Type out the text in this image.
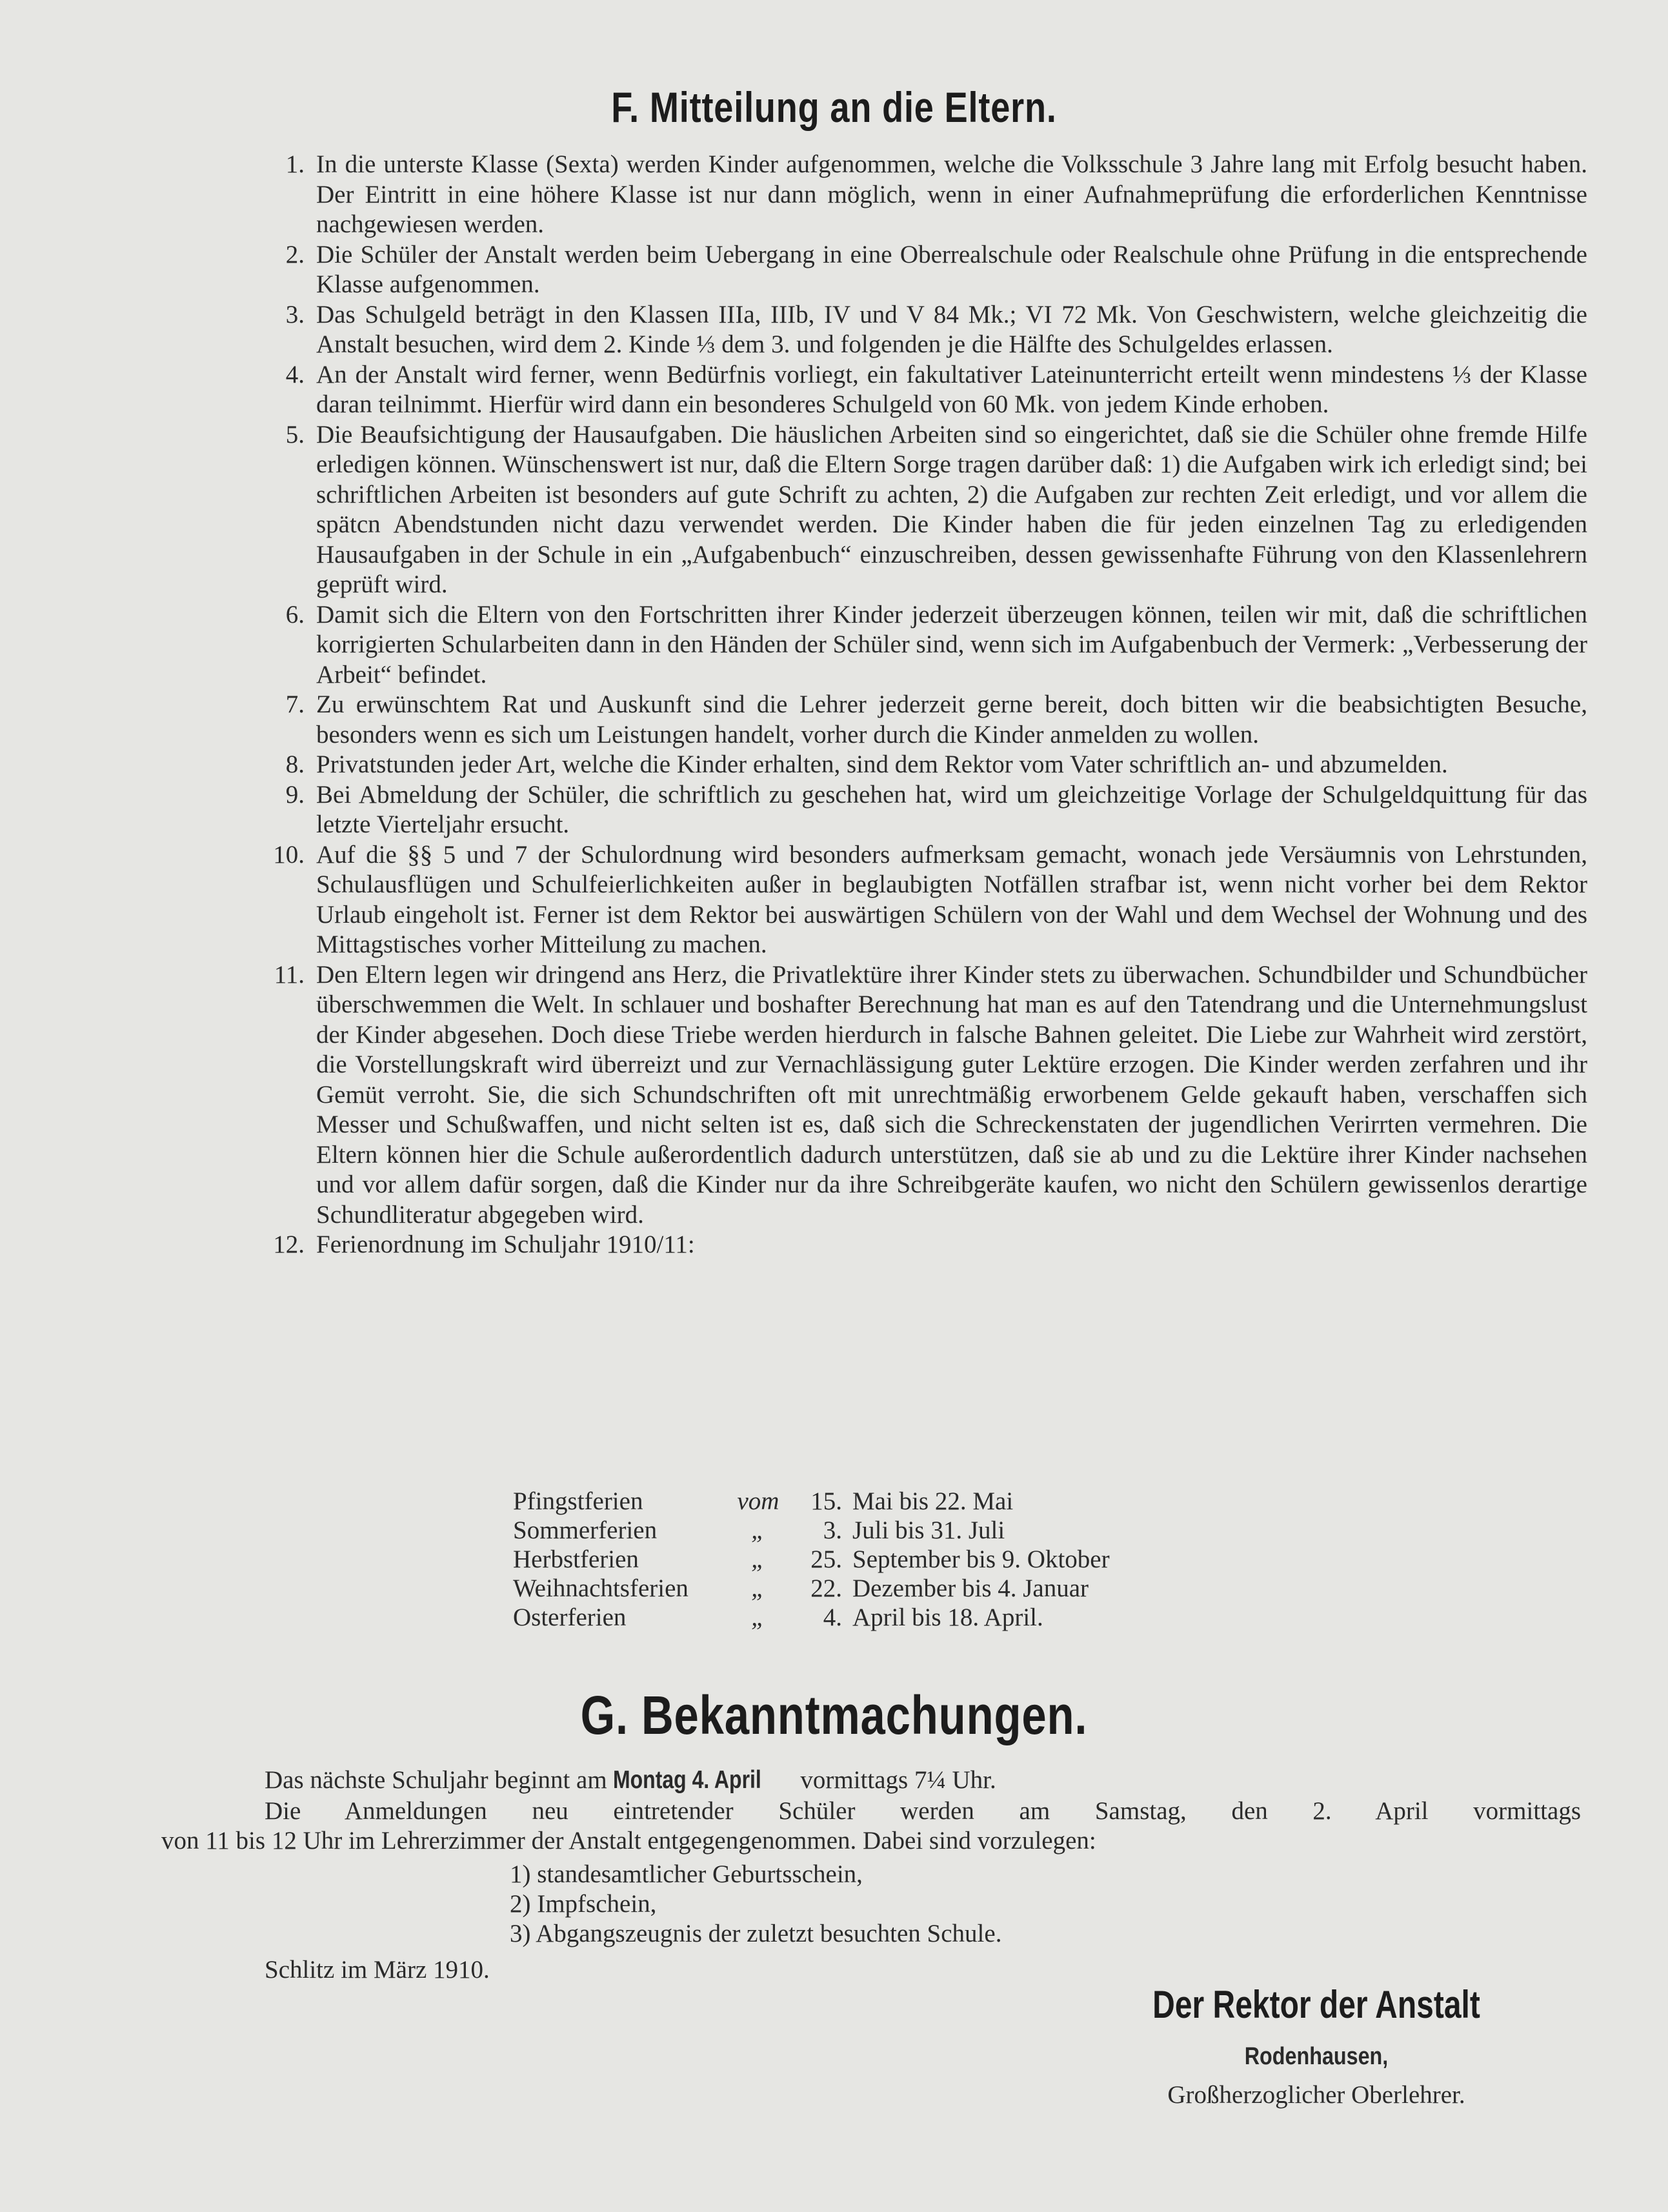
F. Mitteilung an die Eltern.
1. In die unterste Klasse (Sexta) werden Kinder aufgenommen, welche die Volksschule 3 Jahre lang mit Erfolg besucht haben. Der Eintritt in eine höhere Klasse ist nur dann möglich, wenn in einer Aufnahmeprüfung die erforderlichen Kenntnisse nachgewiesen werden.
2. Die Schüler der Anstalt werden beim Uebergang in eine Oberrealschule oder Realschule ohne Prüfung in die entsprechende Klasse aufgenommen.
3. Das Schulgeld beträgt in den Klassen IIIa, IIIb, IV und V 84 Mk.; VI 72 Mk. Von Geschwistern, welche gleichzeitig die Anstalt besuchen, wird dem 2. Kinde ⅓ dem 3. und folgenden je die Hälfte des Schulgeldes erlassen.
4. An der Anstalt wird ferner, wenn Bedürfnis vorliegt, ein fakultativer Lateinunterricht erteilt wenn mindestens ⅓ der Klasse daran teilnimmt. Hierfür wird dann ein besonderes Schulgeld von 60 Mk. von jedem Kinde erhoben.
5. Die Beaufsichtigung der Hausaufgaben. Die häuslichen Arbeiten sind so eingerichtet, daß sie die Schüler ohne fremde Hilfe erledigen können. Wünschenswert ist nur, daß die Eltern Sorge tragen darüber daß: 1) die Aufgaben wirk ich erledigt sind; bei schriftlichen Arbeiten ist besonders auf gute Schrift zu achten, 2) die Aufgaben zur rechten Zeit erledigt, und vor allem die spätcn Abendstunden nicht dazu verwendet werden. Die Kinder haben die für jeden einzelnen Tag zu erledigenden Hausaufgaben in der Schule in ein „Aufgabenbuch“ einzuschreiben, dessen gewissenhafte Führung von den Klassenlehrern geprüft wird.
6. Damit sich die Eltern von den Fortschritten ihrer Kinder jederzeit überzeugen können, teilen wir mit, daß die schriftlichen korrigierten Schularbeiten dann in den Händen der Schüler sind, wenn sich im Aufgabenbuch der Vermerk: „Verbesserung der Arbeit“ befindet.
7. Zu erwünschtem Rat und Auskunft sind die Lehrer jederzeit gerne bereit, doch bitten wir die beabsichtigten Besuche, besonders wenn es sich um Leistungen handelt, vorher durch die Kinder anmelden zu wollen.
8. Privatstunden jeder Art, welche die Kinder erhalten, sind dem Rektor vom Vater schriftlich an- und abzumelden.
9. Bei Abmeldung der Schüler, die schriftlich zu geschehen hat, wird um gleichzeitige Vorlage der Schulgeldquittung für das letzte Vierteljahr ersucht.
10. Auf die §§ 5 und 7 der Schulordnung wird besonders aufmerksam gemacht, wonach jede Versäumnis von Lehrstunden, Schulausflügen und Schulfeierlichkeiten außer in beglaubigten Notfällen strafbar ist, wenn nicht vorher bei dem Rektor Urlaub eingeholt ist. Ferner ist dem Rektor bei auswärtigen Schülern von der Wahl und dem Wechsel der Wohnung und des Mittagstisches vorher Mitteilung zu machen.
11. Den Eltern legen wir dringend ans Herz, die Privatlektüre ihrer Kinder stets zu überwachen. Schundbilder und Schundbücher überschwemmen die Welt. In schlauer und boshafter Berechnung hat man es auf den Tatendrang und die Unternehmungslust der Kinder abgesehen. Doch diese Triebe werden hierdurch in falsche Bahnen geleitet. Die Liebe zur Wahrheit wird zerstört, die Vorstellungskraft wird überreizt und zur Vernachlässigung guter Lektüre erzogen. Die Kinder werden zerfahren und ihr Gemüt verroht. Sie, die sich Schundschriften oft mit unrechtmäßig erworbenem Gelde gekauft haben, verschaffen sich Messer und Schußwaffen, und nicht selten ist es, daß sich die Schreckenstaten der jugendlichen Verirrten vermehren. Die Eltern können hier die Schule außerordentlich dadurch unterstützen, daß sie ab und zu die Lektüre ihrer Kinder nachsehen und vor allem dafür sorgen, daß die Kinder nur da ihre Schreibgeräte kaufen, wo nicht den Schülern gewissenlos derartige Schundliteratur abgegeben wird.
12. Ferienordnung im Schuljahr 1910/11:
Pfingstferien	vom	15.	Mai bis 22. Mai
Sommerferien	„	3.	Juli bis 31. Juli
Herbstferien	„	25.	September bis 9. Oktober
Weihnachtsferien	„	22.	Dezember bis 4. Januar
Osterferien	„	4.	April bis 18. April.
G. Bekanntmachungen.
Das nächste Schuljahr beginnt am Montag 4. April vormittags 7¼ Uhr.
Die Anmeldungen neu eintretender Schüler werden am Samstag, den 2. April vormittags
von 11 bis 12 Uhr im Lehrerzimmer der Anstalt entgegengenommen. Dabei sind vorzulegen:
1) standesamtlicher Geburtsschein,
2) Impfschein,
3) Abgangszeugnis der zuletzt besuchten Schule.
Schlitz im März 1910.
Der Rektor der Anstalt
Rodenhausen,
Großherzoglicher Oberlehrer.
